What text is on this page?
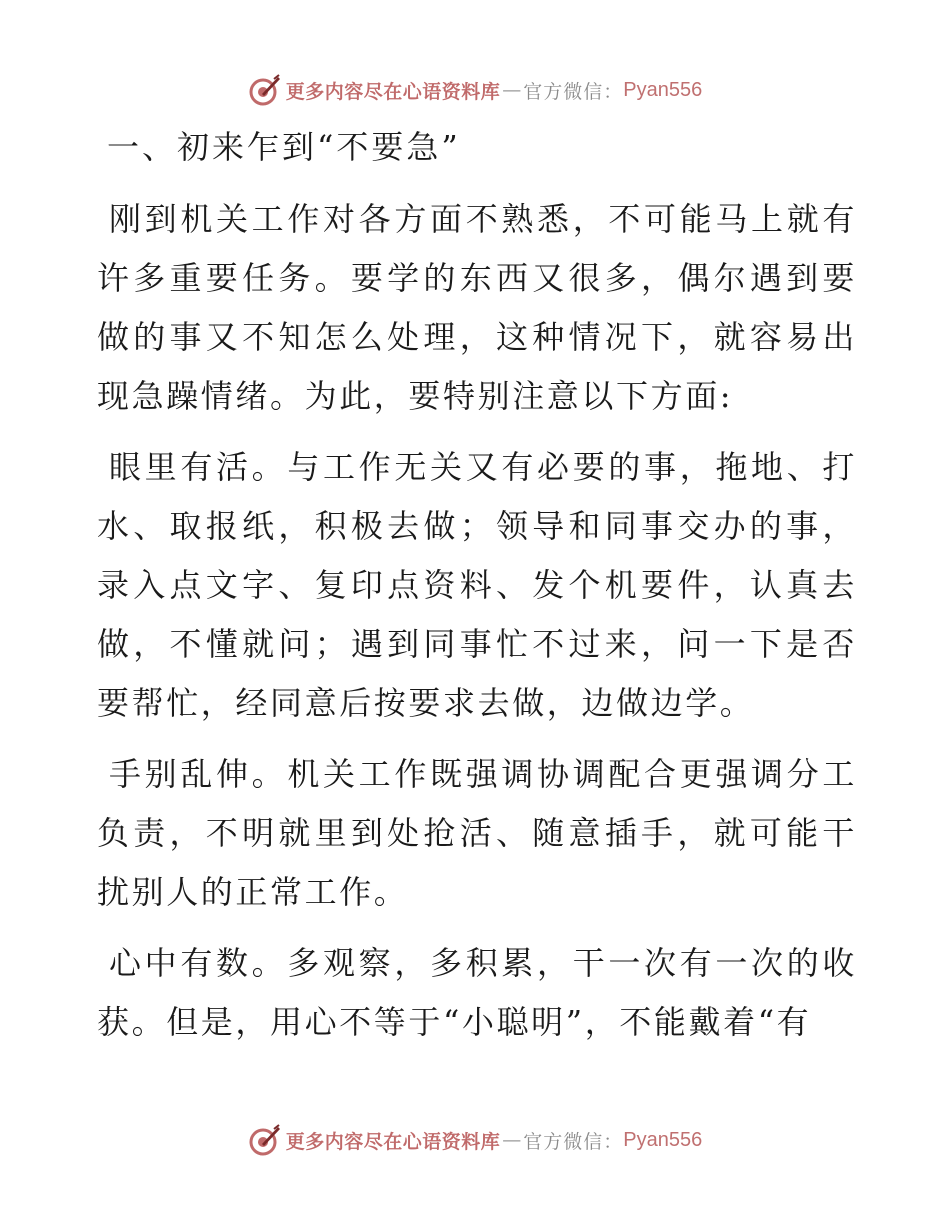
更多内容尽在心语资料库 — 官方微信： Pyan556

一、初来乍到“不要急”

刚到机关工作对各方面不熟悉，不可能马上就有许多重要任务。要学的东西又很多，偶尔遇到要做的事又不知怎么处理，这种情况下，就容易出现急躁情绪。为此，要特别注意以下方面:

眼里有活。与工作无关又有必要的事，拖地、打水、取报纸，积极去做；领导和同事交办的事，录入点文字、复印点资料、发个机要件，认真去做，不懂就问；遇到同事忙不过来，问一下是否要帮忙，经同意后按要求去做，边做边学。

手别乱伸。机关工作既强调协调配合更强调分工负责，不明就里到处抢活、随意插手，就可能干扰别人的正常工作。

心中有数。多观察，多积累，干一次有一次的收获。但是，用心不等于“小聪明”，不能戴着“有

更多内容尽在心语资料库 — 官方微信： Pyan556
